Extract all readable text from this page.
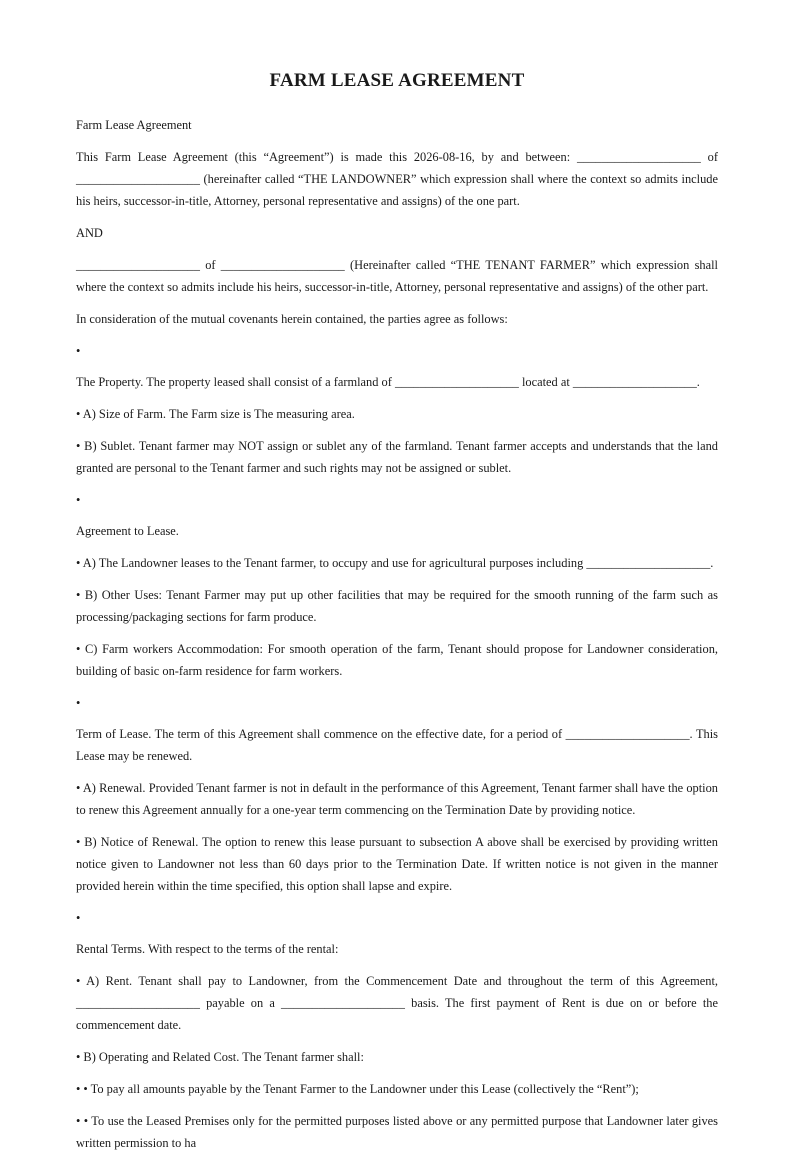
FARM LEASE AGREEMENT

Farm Lease Agreement

This Farm Lease Agreement (this “Agreement”) is made this 2026-08-16, by and between: ____________________ of ____________________ (hereinafter called “THE LANDOWNER” which expression shall where the context so admits include his heirs, successor-in-title, Attorney, personal representative and assigns) of the one part.

AND

____________________ of ____________________ (Hereinafter called “THE TENANT FARMER” which expression shall where the context so admits include his heirs, successor-in-title, Attorney, personal representative and assigns) of the other part.

In consideration of the mutual covenants herein contained, the parties agree as follows:

•

The Property. The property leased shall consist of a farmland of ____________________ located at ____________________.

• A) Size of Farm. The Farm size is The measuring area.

• B) Sublet. Tenant farmer may NOT assign or sublet any of the farmland. Tenant farmer accepts and understands that the land granted are personal to the Tenant farmer and such rights may not be assigned or sublet.

•

Agreement to Lease.

• A) The Landowner leases to the Tenant farmer, to occupy and use for agricultural purposes including ____________________.

• B) Other Uses: Tenant Farmer may put up other facilities that may be required for the smooth running of the farm such as processing/packaging sections for farm produce.

• C) Farm workers Accommodation: For smooth operation of the farm, Tenant should propose for Landowner consideration, building of basic on-farm residence for farm workers.

•

Term of Lease. The term of this Agreement shall commence on the effective date, for a period of ____________________. This Lease may be renewed.

• A) Renewal. Provided Tenant farmer is not in default in the performance of this Agreement, Tenant farmer shall have the option to renew this Agreement annually for a one-year term commencing on the Termination Date by providing notice.

• B) Notice of Renewal. The option to renew this lease pursuant to subsection A above shall be exercised by providing written notice given to Landowner not less than 60 days prior to the Termination Date. If written notice is not given in the manner provided herein within the time specified, this option shall lapse and expire.

•

Rental Terms. With respect to the terms of the rental:

• A) Rent. Tenant shall pay to Landowner, from the Commencement Date and throughout the term of this Agreement, ____________________ payable on a ____________________ basis. The first payment of Rent is due on or before the commencement date.

• B) Operating and Related Cost. The Tenant farmer shall:

• • To pay all amounts payable by the Tenant Farmer to the Landowner under this Lease (collectively the “Rent”);

• • To use the Leased Premises only for the permitted purposes listed above or any permitted purpose that Landowner later gives written permission to ha
